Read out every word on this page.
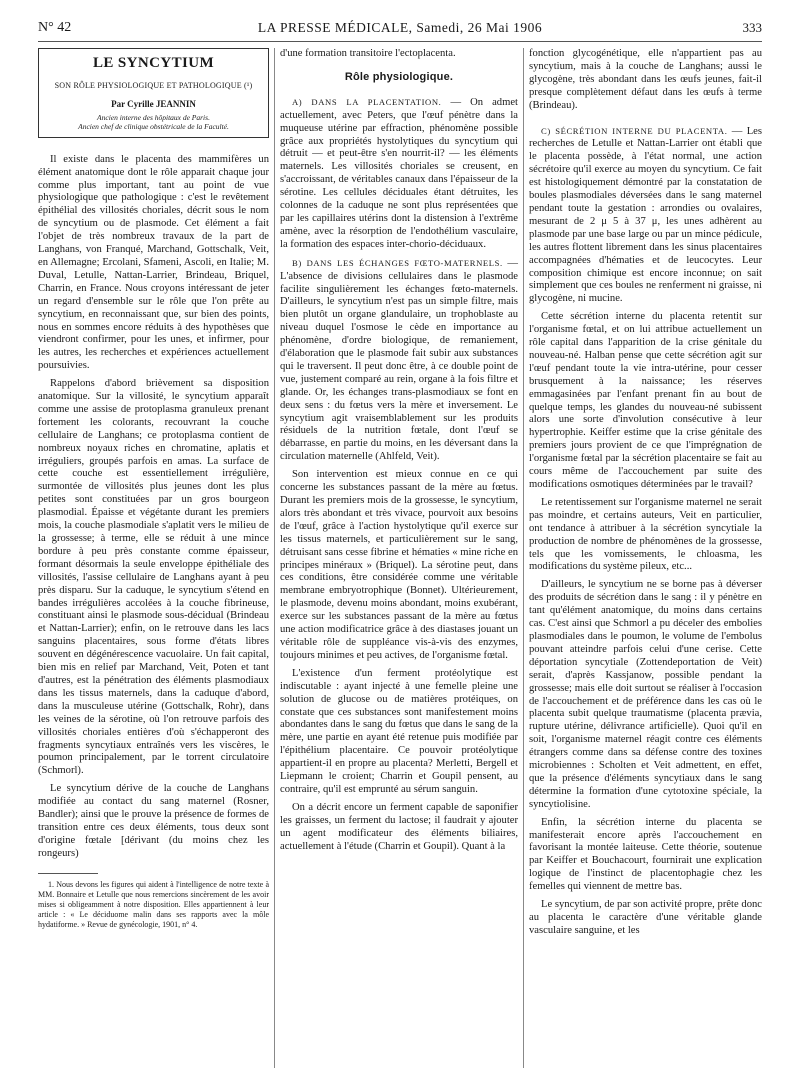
N° 42	LA PRESSE MÉDICALE, Samedi, 26 Mai 1906	333
LE SYNCYTIUM
SON RÔLE PHYSIOLOGIQUE ET PATHOLOGIQUE (¹)
Par Cyrille JEANNIN
Ancien interne des hôpitaux de Paris.
Ancien chef de clinique obstétricale de la Faculté.

Il existe dans le placenta des mammifères un élément anatomique dont le rôle apparait chaque jour comme plus important, tant au point de vue physiologique que pathologique : c'est le revêtement épithélial des villosités choriales, décrit sous le nom de syncytium ou de plasmode. Cet élément a fait l'objet de très nombreux travaux de la part de Langhans, von Franqué, Marchand, Gottschalk, Veit, en Allemagne; Ercolani, Sfameni, Ascoli, en Italie; M. Duval, Letulle, Nattan-Larrier, Brindeau, Briquel, Charrin, en France. Nous croyons intéressant de jeter un regard d'ensemble sur le rôle que l'on prête au syncytium, en reconnaissant que, sur bien des points, nous en sommes encore réduits à des hypothèses que viendront confirmer, pour les unes, et infirmer, pour les autres, les recherches et expériences actuellement poursuivies.

Rappelons d'abord brièvement sa disposition anatomique. Sur la villosité, le syncytium apparaît comme une assise de protoplasma granuleux prenant fortement les colorants, recouvrant la couche cellulaire de Langhans; ce protoplasma contient de nombreux noyaux riches en chromatine, aplatis et irréguliers, groupés parfois en amas. La surface de cette couche est essentiellement irrégulière, surmontée de villosités plus jeunes dont les plus petites sont constituées par un gros bourgeon plasmodial. Épaisse et végétante durant les premiers mois, la couche plasmodiale s'aplatit vers le milieu de la grossesse; à terme, elle se réduit à une mince bordure à peu près constante comme épaisseur, formant désormais la seule enveloppe épithéliale des villosités, l'assise cellulaire de Langhans ayant à peu près disparu. Sur la caduque, le syncytium s'étend en bandes irrégulières accolées à la couche fibrineuse, constituant ainsi le plasmode sous-décidual (Brindeau et Nattan-Larrier); enfin, on le retrouve dans les lacs sanguins placentaires, sous forme d'états libres souvent en dégénérescence vacuolaire. Un fait capital, bien mis en relief par Marchand, Veit, Poten et tant d'autres, est la pénétration des éléments plasmodiaux dans les tissus maternels, dans la caduque d'abord, dans la musculeuse utérine (Gottschalk, Rohr), dans les veines de la sérotine, où l'on retrouve parfois des villosités choriales entières d'où s'échapperont des fragments syncytiaux entraînés vers les viscères, le poumon principalement, par le torrent circulatoire (Schmorl).

Le syncytium dérive de la couche de Langhans modifiée au contact du sang maternel (Rosner, Bandler); ainsi que le prouve la présence de formes de transition entre ces deux éléments, tous deux sont d'origine fœtale [dérivant (du moins chez les rongeurs)

1. Nous devons les figures qui aident à l'intelligence de notre texte à MM. Bonnaire et Letulle que nous remercions sincèrement de les avoir mises si obligeamment à notre disposition. Elles appartiennent à leur article : « Le déciduome malin dans ses rapports avec la môle hydatiforme. » Revue de gynécologie, 1901, n° 4.

d'une formation transitoire l'ectoplacenta.

Rôle physiologique.

A) DANS LA PLACENTATION. — On admet actuellement, avec Peters, que l'œuf pénètre dans la muqueuse utérine par effraction, phénomène possible grâce aux propriétés hystolytiques du syncytium qui détruit — et peut-être s'en nourrit-il? — les éléments maternels. Les villosités choriales se creusent, en s'accroissant, de véritables canaux dans l'épaisseur de la sérotine. Les cellules déciduales étant détruites, les colonnes de la caduque ne sont plus représentées que par les capillaires utérins dont la distension à l'extrême amène, avec la résorption de l'endothélium vasculaire, la formation des espaces inter-chorio-déciduaux.

B) DANS LES ÉCHANGES FŒTO-MATERNELS. — L'absence de divisions cellulaires dans le plasmode facilite singulièrement les échanges fœto-maternels. D'ailleurs, le syncytium n'est pas un simple filtre, mais bien plutôt un organe glandulaire, un trophoblaste au niveau duquel l'osmose le cède en importance au phénomène, d'ordre biologique, de remaniement, d'élaboration que le plasmode fait subir aux substances qui le traversent. Il peut donc être, à ce double point de vue, justement comparé au rein, organe à la fois filtre et glande. Or, les échanges trans-plasmodiaux se font en deux sens : du fœtus vers la mère et inversement. Le syncytium agit vraisemblablement sur les produits résiduels de la nutrition fœtale, dont l'œuf se débarrasse, en partie du moins, en les déversant dans la circulation maternelle (Ahlfeld, Veit).

Son intervention est mieux connue en ce qui concerne les substances passant de la mère au fœtus. Durant les premiers mois de la grossesse, le syncytium, alors très abondant et très vivace, pourvoit aux besoins de l'œuf, grâce à l'action hystolytique qu'il exerce sur les tissus maternels, et particulièrement sur le sang, détruisant sans cesse fibrine et hématies « mine riche en principes minéraux » (Briquel). La sérotine peut, dans ces conditions, être considérée comme une véritable membrane embryotrophique (Bonnet). Ultérieurement, le plasmode, devenu moins abondant, moins exubérant, exerce sur les substances passant de la mère au fœtus une action modificatrice grâce à des diastases jouant un véritable rôle de suppléance vis-à-vis des enzymes, toujours minimes et peu actives, de l'organisme fœtal.

L'existence d'un ferment protéolytique est indiscutable : ayant injecté à une femelle pleine une solution de glucose ou de matières protéiques, on constate que ces substances sont manifestement moins abondantes dans le sang du fœtus que dans le sang de la mère, une partie en ayant été retenue puis modifiée par l'épithélium placentaire. Ce pouvoir protéolytique appartient-il en propre au placenta? Merletti, Bergell et Liepmann le croient; Charrin et Goupil pensent, au contraire, qu'il est emprunté au sérum sanguin.

On a décrit encore un ferment capable de saponifier les graisses, un ferment du lactose; il faudrait y ajouter un agent modificateur des éléments biliaires, actuellement à l'étude (Charrin et Goupil). Quant à la

fonction glycogénétique, elle n'appartient pas au syncytium, mais à la couche de Langhans; aussi le glycogène, très abondant dans les œufs jeunes, fait-il presque complètement défaut dans les œufs à terme (Brindeau).

C) SÉCRÉTION INTERNE DU PLACENTA. — Les recherches de Letulle et Nattan-Larrier ont établi que le placenta possède, à l'état normal, une action sécrétoire qu'il exerce au moyen du syncytium. Ce fait est histologiquement démontré par la constatation de boules plasmodiales déversées dans le sang maternel pendant toute la gestation : arrondies ou ovalaires, mesurant de 2 μ 5 à 37 μ, les unes adhèrent au plasmode par une base large ou par un mince pédicule, les autres flottent librement dans les sinus placentaires accompagnées d'hématies et de leucocytes. Leur composition chimique est encore inconnue; on sait simplement que ces boules ne renferment ni graisse, ni glycogène, ni mucine.

Cette sécrétion interne du placenta retentit sur l'organisme fœtal, et on lui attribue actuellement un rôle capital dans l'apparition de la crise génitale du nouveau-né. Halban pense que cette sécrétion agit sur l'œuf pendant toute la vie intra-utérine, pour cesser brusquement à la naissance; les réserves emmagasinées par l'enfant prenant fin au bout de quelque temps, les glandes du nouveau-né subissent alors une sorte d'involution consécutive à leur hypertrophie. Keiffer estime que la crise génitale des premiers jours provient de ce que l'imprégnation de l'organisme fœtal par la sécrétion placentaire se fait au cours même de l'accouchement par suite des modifications osmotiques déterminées par le travail?

Le retentissement sur l'organisme maternel ne serait pas moindre, et certains auteurs, Veit en particulier, ont tendance à attribuer à la sécrétion syncytiale la production de nombre de phénomènes de la grossesse, tels que les vomissements, le chloasma, les modifications du système pileux, etc...

D'ailleurs, le syncytium ne se borne pas à déverser des produits de sécrétion dans le sang : il y pénètre en tant qu'élément anatomique, du moins dans certains cas. C'est ainsi que Schmorl a pu déceler des embolies plasmodiales dans le poumon, le volume de l'embolus pouvant atteindre parfois celui d'une cerise. Cette déportation syncytiale (Zottendeportation de Veit) serait, d'après Kassjanow, possible pendant la grossesse; mais elle doit surtout se réaliser à l'occasion de l'accouchement et de préférence dans les cas où le placenta subit quelque traumatisme (placenta prævia, rupture utérine, délivrance artificielle). Quoi qu'il en soit, l'organisme maternel réagit contre ces éléments étrangers comme dans sa défense contre des toxines microbiennes : Scholten et Veit admettent, en effet, que la présence d'éléments syncytiaux dans le sang détermine la formation d'une cytotoxine spéciale, la syncytiolisine.

Enfin, la sécrétion interne du placenta se manifesterait encore après l'accouchement en favorisant la montée laiteuse. Cette théorie, soutenue par Keiffer et Bouchacourt, fournirait une explication logique de l'instinct de placentophagie chez les femelles qui viennent de mettre bas.

Le syncytium, de par son activité propre, prête donc au placenta le caractère d'une véritable glande vasculaire sanguine, et les
